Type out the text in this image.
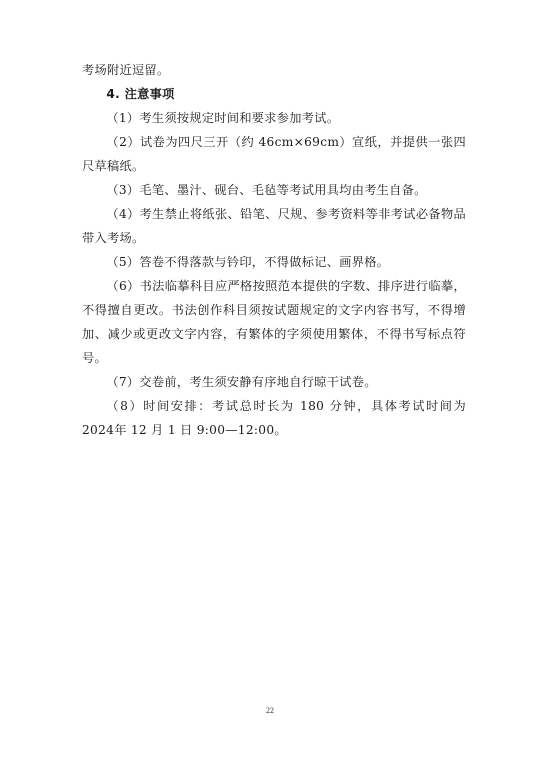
考场附近逗留。

4. 注意事项

（1）考生须按规定时间和要求参加考试。

（2）试卷为四尺三开（约 46cm×69cm）宣纸，并提供一张四尺草稿纸。

（3）毛笔、墨汁、砚台、毛毡等考试用具均由考生自备。

（4）考生禁止将纸张、铅笔、尺规、参考资料等非考试必备物品带入考场。

（5）答卷不得落款与钤印，不得做标记、画界格。

（6）书法临摹科目应严格按照范本提供的字数、排序进行临摹，不得擅自更改。书法创作科目须按试题规定的文字内容书写，不得增加、减少或更改文字内容，有繁体的字须使用繁体，不得书写标点符号。

（7）交卷前，考生须安静有序地自行晾干试卷。

（8）时间安排：考试总时长为 180 分钟，具体考试时间为 2024年 12 月 1 日 9:00—12:00。

22
